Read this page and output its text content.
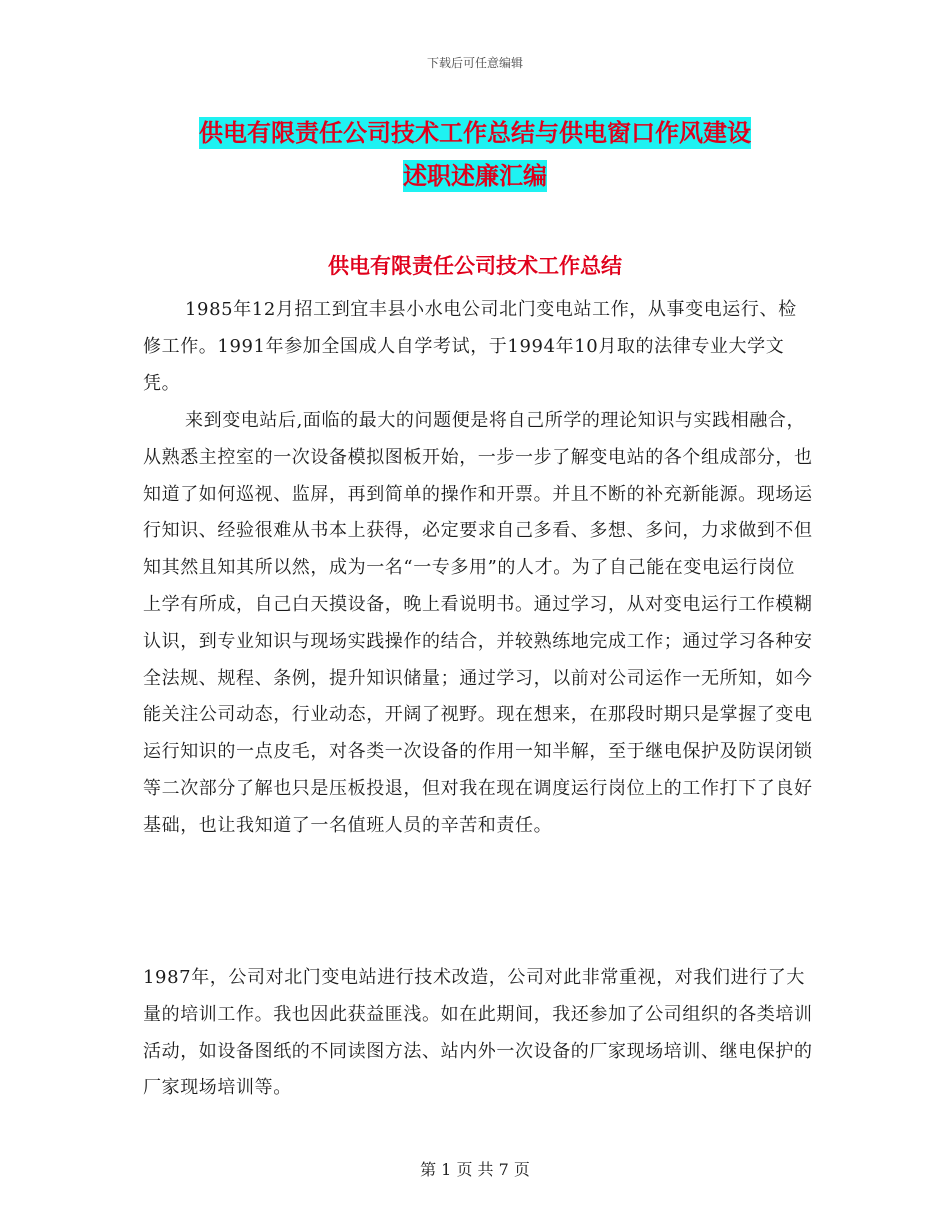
下载后可任意编辑
供电有限责任公司技术工作总结与供电窗口作风建设
述职述廉汇编
供电有限责任公司技术工作总结

1985年12月招工到宜丰县小水电公司北门变电站工作，从事变电运行、检修工作。1991年参加全国成人自学考试，于1994年10月取的法律专业大学文凭。

来到变电站后,面临的最大的问题便是将自己所学的理论知识与实践相融合，从熟悉主控室的一次设备模拟图板开始，一步一步了解变电站的各个组成部分，也知道了如何巡视、监屏，再到简单的操作和开票。并且不断的补充新能源。现场运行知识、经验很难从书本上获得，必定要求自己多看、多想、多问，力求做到不但知其然且知其所以然，成为一名“一专多用”的人才。为了自己能在变电运行岗位上学有所成，自己白天摸设备，晚上看说明书。通过学习，从对变电运行工作模糊认识，到专业知识与现场实践操作的结合，并较熟练地完成工作；通过学习各种安全法规、规程、条例，提升知识储量；通过学习，以前对公司运作一无所知，如今能关注公司动态，行业动态，开阔了视野。现在想来，在那段时期只是掌握了变电运行知识的一点皮毛，对各类一次设备的作用一知半解，至于继电保护及防误闭锁等二次部分了解也只是压板投退，但对我在现在调度运行岗位上的工作打下了良好基础，也让我知道了一名值班人员的辛苦和责任。

1987年，公司对北门变电站进行技术改造，公司对此非常重视，对我们进行了大量的培训工作。我也因此获益匪浅。如在此期间，我还参加了公司组织的各类培训活动，如设备图纸的不同读图方法、站内外一次设备的厂家现场培训、继电保护的厂家现场培训等。

第 1 页 共 7 页
